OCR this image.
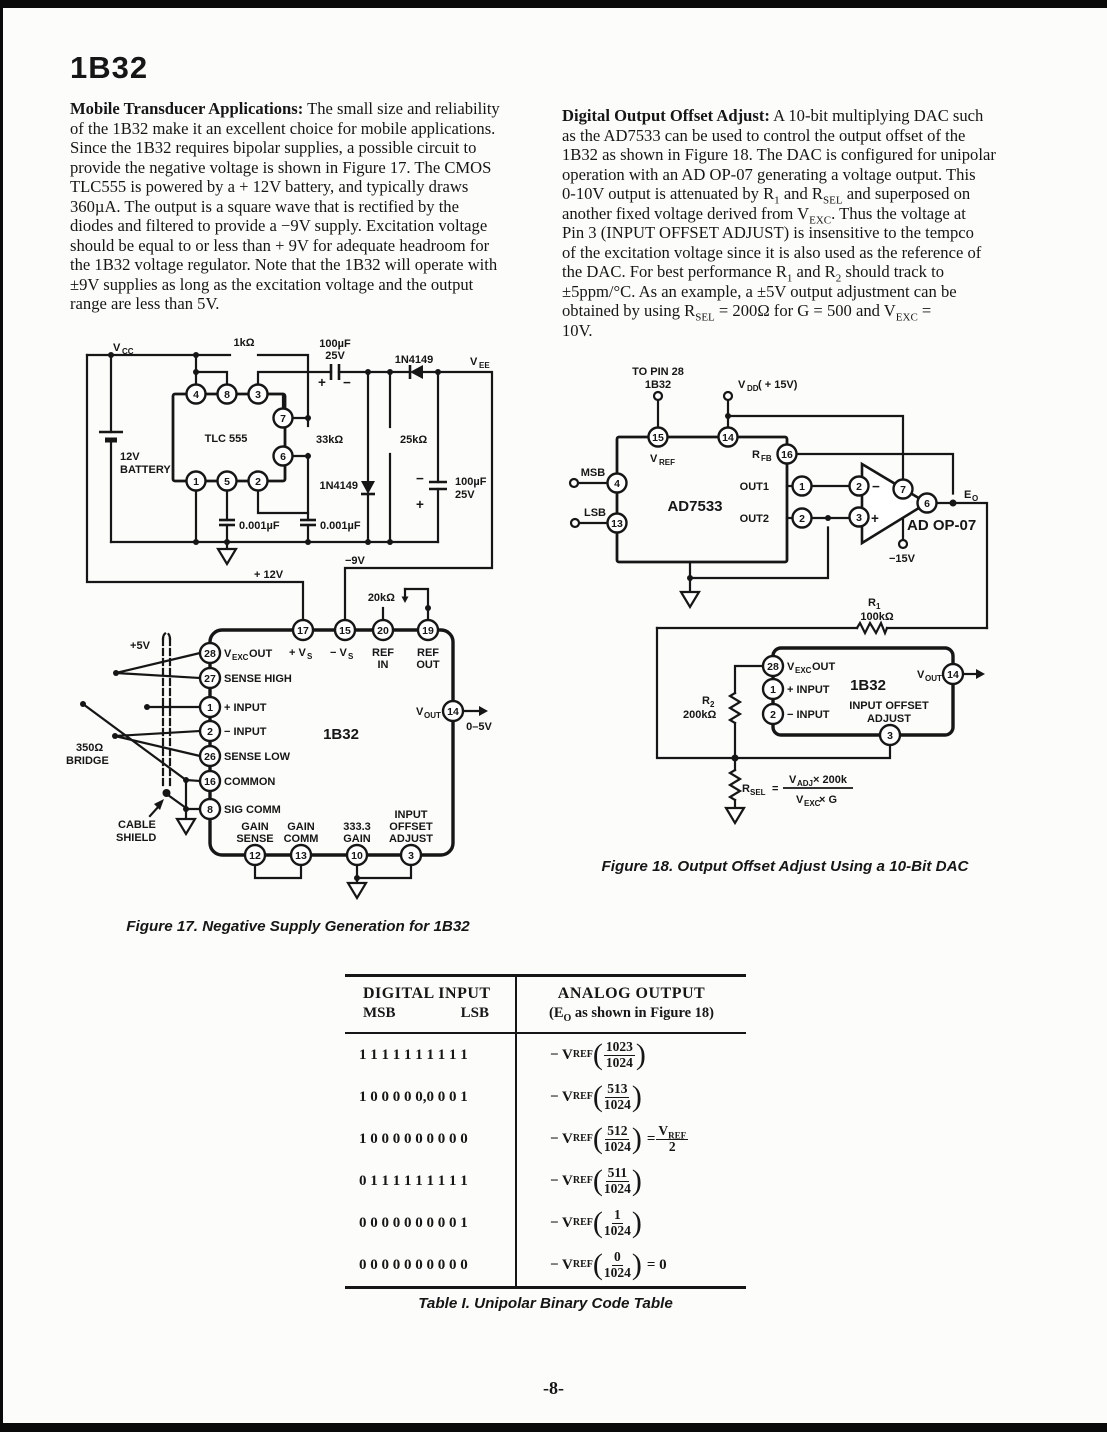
1B32
Mobile Transducer Applications: The small size and reliability
of the 1B32 make it an excellent choice for mobile applications.
Since the 1B32 requires bipolar supplies, a possible circuit to
provide the negative voltage is shown in Figure 17. The CMOS
TLC555 is powered by a + 12V battery, and typically draws
360µA. The output is a square wave that is rectified by the
diodes and filtered to provide a −9V supply. Excitation voltage
should be equal to or less than + 9V for adequate headroom for
the 1B32 voltage regulator. Note that the 1B32 will operate with
±9V supplies as long as the excitation voltage and the output
range are less than 5V.
Digital Output Offset Adjust: A 10-bit multiplying DAC such
as the AD7533 can be used to control the output offset of the
1B32 as shown in Figure 18. The DAC is configured for unipolar
operation with an AD OP-07 generating a voltage output. This
0-10V output is attenuated by $R_1$ and $R_{SEL}$ and superposed on
another fixed voltage derived from $V_{EXC}$. Thus the voltage at
Pin 3 (INPUT OFFSET ADJUST) is insensitive to the tempco
of the excitation voltage since it is also used as the reference of
the DAC. For best performance $R_1$ and $R_2$ should track to
±5ppm/°C. As an example, a ±5V output adjustment can be
obtained by using $R_{SEL} = 200\Omega$ for G = 500 and $V_{EXC}$ =
10V.
4 8 3
7
6
1 5 2
17	15	20	19
28
27
1
2
26
16
8
14
12	13	10	3
V CC
1kΩ	100µF
25V
+ −
1N4149	V EE
TLC 555	33kΩ	25kΩ
1N4149	−
+
100µF
25V
0.001µF	0.001µF
12V
BATTERY
−9V
+ 12V
20kΩ
+ V S − V S REF
IN
REF
OUT
V EXC OUT
SENSE HIGH
+ INPUT
− INPUT
SENSE LOW
COMMON
SIG COMM
1B32
V OUT
0–5V
+5V
350Ω
BRIDGE
CABLE
SHIELD
GAIN
SENSE
GAIN
COMM
333.3
GAIN
INPUT
OFFSET
ADJUST
Figure 17. Negative Supply Generation for 1B32
15	14
16
4
13
1
2
2
3
7
6
28
1
2
3
14
TO PIN 28
1B32	V DD ( + 15V)
V REF
R FB
MSB
LSB	AD7533
OUT1
OUT2
−
+ AD OP-07
−15V
E O
R 1
100kΩ
R 2
200kΩ
R SEL =
V ADJ × 200k
V EXC
× G
V EXC OUT
+ INPUT
− INPUT
1B32
INPUT OFFSET
ADJUST
V OUT
Figure 18. Output Offset Adjust Using a 10-Bit DAC
DIGITAL INPUT
MSB	LSB
ANALOG OUTPUT
($E_O$ as shown in Figure 18)
1 1 1 1 1 1 1 1 1 1	− V REF ( $\frac{1023}{1024}$ )
1 0 0 0 0 0,0 0 0 1	− V REF ( $\frac{513}{1024}$ )
1 0 0 0 0 0 0 0 0 0	− V REF ( $\frac{512}{1024}$ ) = $\frac{V_{REF}}{2}$
0 1 1 1 1 1 1 1 1 1	− V REF ( $\frac{511}{1024}$ )
0 0 0 0 0 0 0 0 0 1	− V REF ( $\frac{1}{1024}$ )
0 0 0 0 0 0 0 0 0 0	− V REF ( $\frac{0}{1024}$ ) = 0
Table I. Unipolar Binary Code Table
-8-
